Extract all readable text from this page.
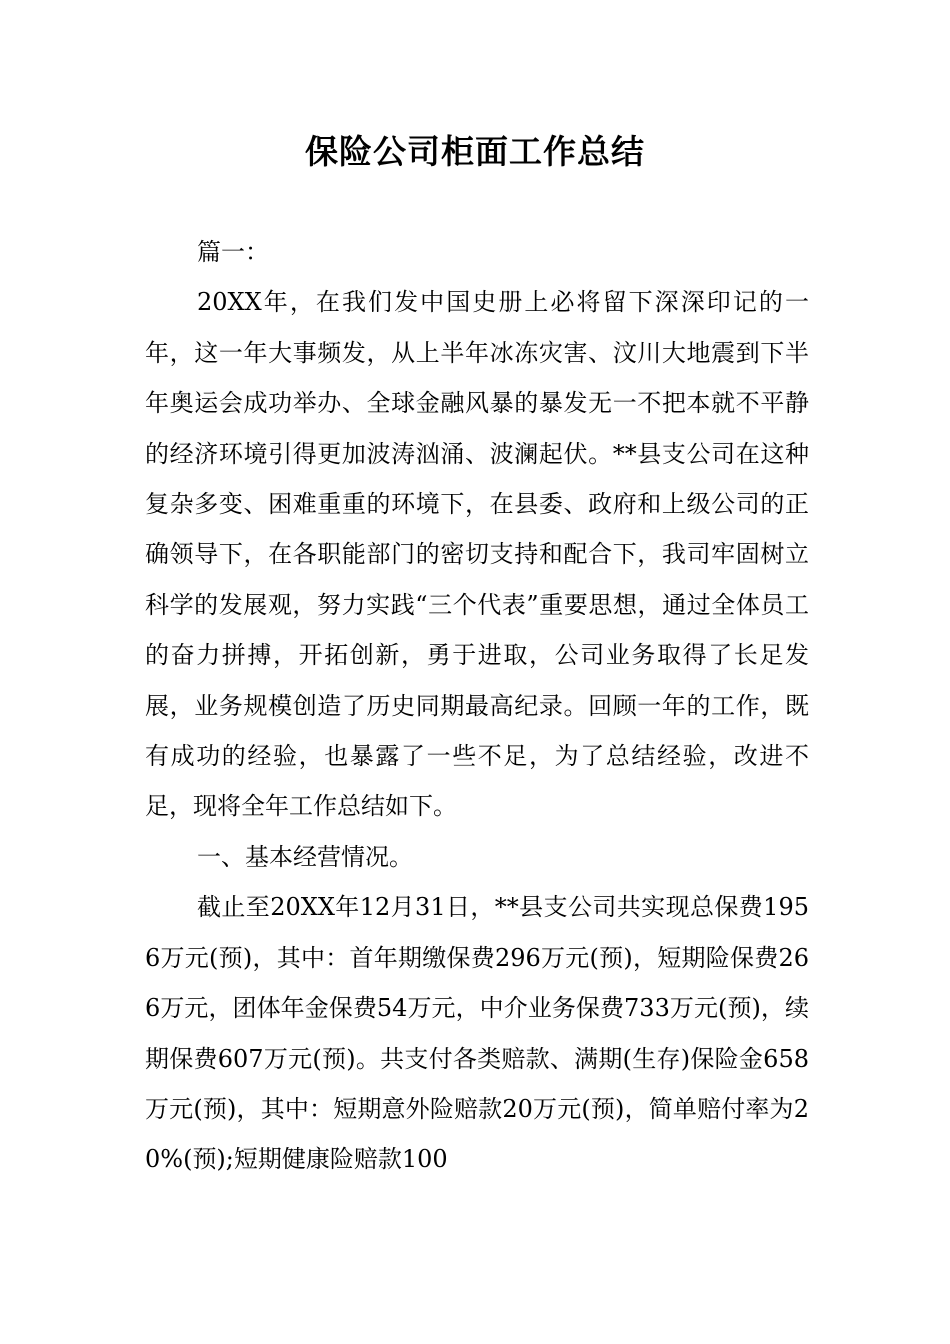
保险公司柜面工作总结

篇一：

20XX年，在我们发中国史册上必将留下深深印记的一年，这一年大事频发，从上半年冰冻灾害、汶川大地震到下半年奥运会成功举办、全球金融风暴的暴发无一不把本就不平静的经济环境引得更加波涛汹涌、波澜起伏。**县支公司在这种复杂多变、困难重重的环境下，在县委、政府和上级公司的正确领导下，在各职能部门的密切支持和配合下，我司牢固树立科学的发展观，努力实践“三个代表”重要思想，通过全体员工的奋力拼搏，开拓创新，勇于进取，公司业务取得了长足发展，业务规模创造了历史同期最高纪录。回顾一年的工作，既有成功的经验，也暴露了一些不足，为了总结经验，改进不足，现将全年工作总结如下。

一、基本经营情况。

截止至20XX年12月31日，**县支公司共实现总保费1956万元(预)，其中：首年期缴保费296万元(预)，短期险保费266万元，团体年金保费54万元，中介业务保费733万元(预)，续期保费607万元(预)。共支付各类赔款、满期(生存)保险金658万元(预)，其中：短期意外险赔款20万元(预)，简单赔付率为20%(预);短期健康险赔款100
